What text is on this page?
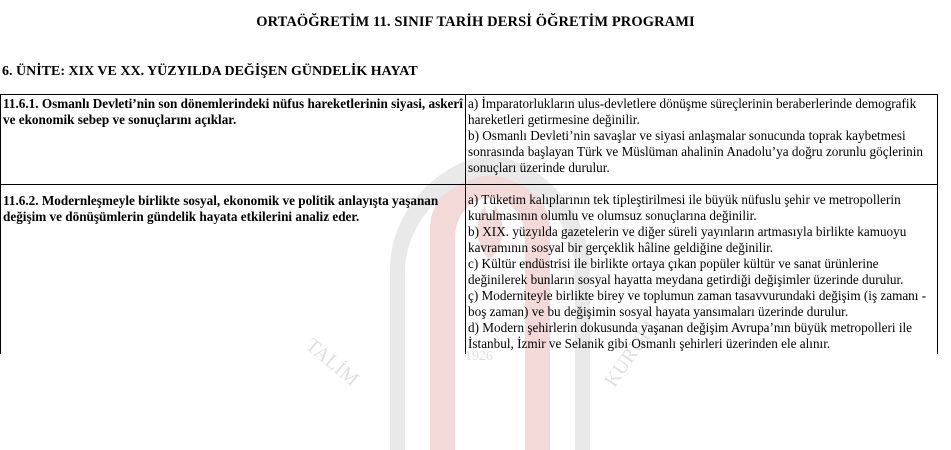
TALİM	KURULU
1926
ORTAÖĞRETİM 11. SINIF TARİH DERSİ ÖĞRETİM PROGRAMI
6. ÜNİTE: XIX VE XX. YÜZYILDA DEĞİŞEN GÜNDELİK HAYAT
11.6.1. Osmanlı Devleti’nin son dönemlerindeki nüfus hareketlerinin siyasi, askerî ve ekonomik sebep ve sonuçlarını açıklar.	a) İmparatorlukların ulus-devletlere dönüşme süreçlerinin beraberlerinde demografik hareketleri getirmesine değinilir.
b) Osmanlı Devleti’nin savaşlar ve siyasi anlaşmalar sonucunda toprak kaybetmesi sonrasında başlayan Türk ve Müslüman ahalinin Anadolu’ya doğru zorunlu göçlerinin sonuçları üzerinde durulur.

11.6.2. Modernleşmeyle birlikte sosyal, ekonomik ve politik anlayışta yaşanan değişim ve dönüşümlerin gündelik hayata etkilerini analiz eder.	a) Tüketim kalıplarının tek tipleştirilmesi ile büyük nüfuslu şehir ve metropollerin kurulmasının olumlu ve olumsuz sonuçlarına değinilir.
b) XIX. yüzyılda gazetelerin ve diğer süreli yayınların artmasıyla birlikte kamuoyu kavramının sosyal bir gerçeklik hâline geldiğine değinilir.
c) Kültür endüstrisi ile birlikte ortaya çıkan popüler kültür ve sanat ürünlerine değinilerek bunların sosyal hayatta meydana getirdiği değişimler üzerinde durulur.
ç) Moderniteyle birlikte birey ve toplumun zaman tasavvurundaki değişim (iş zamanı - boş zaman) ve bu değişimin sosyal hayata yansımaları üzerinde durulur.
d) Modern şehirlerin dokusunda yaşanan değişim Avrupa’nın büyük metropolleri ile İstanbul, İzmir ve Selanik gibi Osmanlı şehirleri üzerinden ele alınır.
